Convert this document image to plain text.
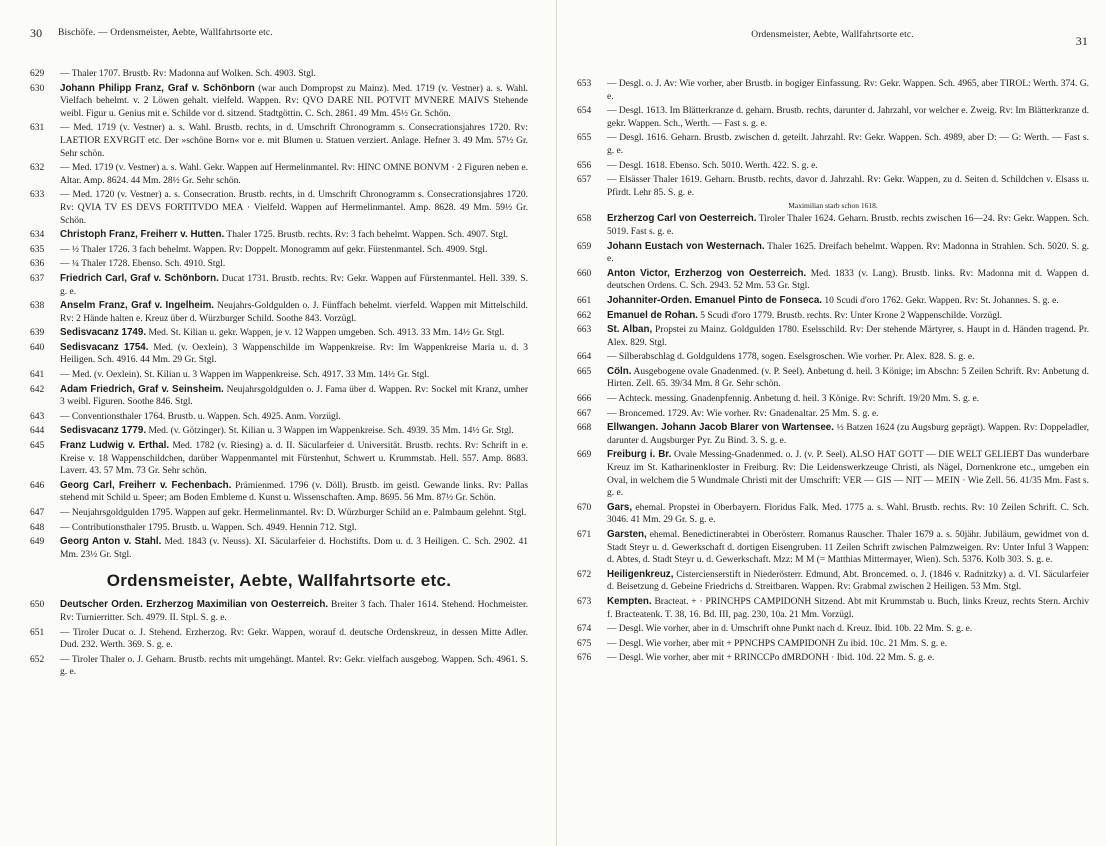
30 Bischöfe. — Ordensmeister, Aebte, Wallfahrtsorte etc.
629 — Thaler 1707. Brustb. Rv: Madonna auf Wolken. Sch. 4903. Stgl.
630 Johann Philipp Franz, Graf v. Schönborn (war auch Dompropst zu Mainz). Med. 1719 (v. Vestner) a. s. Wahl. Vielfach behelmt. v. 2 Löwen gehalt. vielfeld. Wappen. Rv: QVO DARE NIL POTVIT MVNERE MAIVS Stehende weibl. Figur u. Genius mit e. Schilde vor d. sitzend. Stadtgöttin. C. Sch. 2861. 49 Mm. 45½ Gr. Schön.
631 — Med. 1719 (v. Vestner) a. s. Wahl. Brustb. rechts, in d. Umschrift Chronogramm s. Consecrationsjahres 1720. Rv: LAETIOR EXVRGIT etc. Der »schöne Born« vor e. mit Blumen u. Statuen verziert. Anlage. Hefner 3. 49 Mm. 57½ Gr. Sehr schön.
632 — Med. 1719 (v. Vestner) a. s. Wahl. Gekr. Wappen auf Hermelinmantel. Rv: HINC OMNE BONVM · 2 Figuren neben e. Altar. Amp. 8624. 44 Mm. 28½ Gr. Sehr schön.
633 — Med. 1720 (v. Vestner) a. s. Consecration. Brustb. rechts, in d. Umschrift Chronogramm s. Consecrationsjahres 1720. Rv: QVIA TV ES DEVS FORTITVDO MEA · Vielfeld. Wappen auf Hermelinmantel. Amp. 8628. 49 Mm. 59½ Gr. Schön.
634 Christoph Franz, Freiherr v. Hutten. Thaler 1725. Brustb. rechts. Rv: 3 fach behelmt. Wappen. Sch. 4907. Stgl.
635 — ½ Thaler 1726. 3 fach behelmt. Wappen. Rv: Doppelt. Monogramm auf gekr. Fürstenmantel. Sch. 4909. Stgl.
636 — ¼ Thaler 1728. Ebenso. Sch. 4910. Stgl.
637 Friedrich Carl, Graf v. Schönborn. Ducat 1731. Brustb. rechts. Rv: Gekr. Wappen auf Fürstenmantel. Hell. 339. S. g. e.
638 Anselm Franz, Graf v. Ingelheim. Neujahrs-Goldgulden o. J. Fünffach behelmt. vierfeld. Wappen mit Mittelschild. Rv: 2 Hände halten e. Kreuz über d. Würzburger Schild. Soothe 843. Vorzügl.
639 Sedisvacanz 1749. Med. St. Kilian u. gekr. Wappen, je v. 12 Wappen umgeben. Sch. 4913. 33 Mm. 14½ Gr. Stgl.
640 Sedisvacanz 1754. Med. (v. Oexlein). 3 Wappenschilde im Wappenkreise. Rv: Im Wappenkreise Maria u. d. 3 Heiligen. Sch. 4916. 44 Mm. 29 Gr. Stgl.
641 — Med. (v. Oexlein). St. Kilian u. 3 Wappen im Wappenkreise. Sch. 4917. 33 Mm. 14½ Gr. Stgl.
642 Adam Friedrich, Graf v. Seinsheim. Neujahrsgoldgulden o. J. Fama über d. Wappen. Rv: Sockel mit Kranz, umher 3 weibl. Figuren. Soothe 846. Stgl.
643 — Conventionsthaler 1764. Brustb. u. Wappen. Sch. 4925. Anm. Vorzügl.
644 Sedisvacanz 1779. Med. (v. Götzinger). St. Kilian u. 3 Wappen im Wappenkreise. Sch. 4939. 35 Mm. 14½ Gr. Stgl.
645 Franz Ludwig v. Erthal. Med. 1782 (v. Riesing) a. d. II. Säcularfeier d. Universität. Brustb. rechts. Rv: Schrift in e. Kreise v. 18 Wappenschildchen, darüber Wappenmantel mit Fürstenhut, Schwert u. Krummstab. Hell. 557. Amp. 8683. Laverr. 43. 57 Mm. 73 Gr. Sehr schön.
646 Georg Carl, Freiherr v. Fechenbach. Prämienmed. 1796 (v. Döll). Brustb. im geistl. Gewande links. Rv: Pallas stehend mit Schild u. Speer; am Boden Embleme d. Kunst u. Wissenschaften. Amp. 8695. 56 Mm. 87½ Gr. Schön.
647 — Neujahrsgoldgulden 1795. Wappen auf gekr. Hermelinmantel. Rv: D. Würzburger Schild an e. Palmbaum gelehnt. Stgl.
648 — Contributionsthaler 1795. Brustb. u. Wappen. Sch. 4949. Hennin 712. Stgl.
649 Georg Anton v. Stahl. Med. 1843 (v. Neuss). XI. Säcularfeier d. Hochstifts. Dom u. d. 3 Heiligen. C. Sch. 2902. 41 Mm. 23½ Gr. Stgl.
Ordensmeister, Aebte, Wallfahrtsorte etc.
650 Deutscher Orden. Erzherzog Maximilian von Oesterreich. Breiter 3 fach. Thaler 1614. Stehend. Hochmeister. Rv: Turnierritter. Sch. 4979. II. Stpl. S. g. e.
651 — Tiroler Ducat o. J. Stehend. Erzherzog. Rv: Gekr. Wappen, worauf d. deutsche Ordenskreuz, in dessen Mitte Adler. Dud. 232. Werth. 369. S. g. e.
652 — Tiroler Thaler o. J. Geharn. Brustb. rechts mit umgehängt. Mantel. Rv: Gekr. vielfach ausgebog. Wappen. Sch. 4961. S. g. e.
Ordensmeister, Aebte, Wallfahrtsorte etc.	31
653 — Desgl. o. J. Av: Wie vorher, aber Brustb. in bogiger Einfassung. Rv: Gekr. Wappen. Sch. 4965, aber TIROL: Werth. 374. G. e.
654 — Desgl. 1613. Im Blätterkranze d. geharn. Brustb. rechts, darunter d. Jahrzahl, vor welcher e. Zweig. Rv: Im Blätterkranze d. gekr. Wappen. Sch., Werth. — Fast s. g. e.
655 — Desgl. 1616. Geharn. Brustb. zwischen d. geteilt. Jahrzahl. Rv: Gekr. Wappen. Sch. 4989, aber D: — G: Werth. — Fast s. g. e.
656 — Desgl. 1618. Ebenso. Sch. 5010. Werth. 422. S. g. e.
657 — Elsässer Thaler 1619. Geharn. Brustb. rechts, davor d. Jahrzahl. Rv: Gekr. Wappen, zu d. Seiten d. Schildchen v. Elsass u. Pfirdt. Lehr 85. S. g. e.
Maximilian starb schon 1618.
658 Erzherzog Carl von Oesterreich. Tiroler Thaler 1624. Geharn. Brustb. rechts zwischen 16—24. Rv: Gekr. Wappen. Sch. 5019. Fast s. g. e.
659 Johann Eustach von Westernach. Thaler 1625. Dreifach behelmt. Wappen. Rv: Madonna in Strahlen. Sch. 5020. S. g. e.
660 Anton Victor, Erzherzog von Oesterreich. Med. 1833 (v. Lang). Brustb. links. Rv: Madonna mit d. Wappen d. deutschen Ordens. C. Sch. 2943. 52 Mm. 53 Gr. Stgl.
661 Johanniter-Orden. Emanuel Pinto de Fonseca. 10 Scudi d'oro 1762. Gekr. Wappen. Rv: St. Johannes. S. g. e.
662 Emanuel de Rohan. 5 Scudi d'oro 1779. Brustb. rechts. Rv: Unter Krone 2 Wappenschilde. Vorzügl.
663 St. Alban, Propstei zu Mainz. Goldgulden 1780. Eselsschild. Rv: Der stehende Märtyrer, s. Haupt in d. Händen tragend. Pr. Alex. 829. Stgl.
664 — Silberabschlag d. Goldguldens 1778, sogen. Eselsgroschen. Wie vorher. Pr. Alex. 828. S. g. e.
665 Cöln. Ausgebogene ovale Gnadenmed. (v. P. Seel). Anbetung d. heil. 3 Könige; im Abschn: 5 Zeilen Schrift. Rv: Anbetung d. Hirten. Zell. 65. 39/34 Mm. 8 Gr. Sehr schön.
666 — Achteck. messing. Gnadenpfennig. Anbetung d. heil. 3 Könige. Rv: Schrift. 19/20 Mm. S. g. e.
667 — Broncemed. 1729. Av: Wie vorher. Rv: Gnadenaltar. 25 Mm. S. g. e.
668 Ellwangen. Johann Jacob Blarer von Wartensee. ½ Batzen 1624 (zu Augsburg geprägt). Wappen. Rv: Doppeladler, darunter d. Augsburger Pyr. Zu Bind. 3. S. g. e.
669 Freiburg i. Br. Ovale Messing-Gnadenmed. o. J. (v. P. Seel). ALSO HAT GOTT — DIE WELT GELIEBT Das wunderbare Kreuz im St. Katharinenkloster in Freiburg. Rv: Die Leidenswerkzeuge Christi, als Nägel, Dornenkrone etc., umgeben ein Oval, in welchem die 5 Wundmale Christi mit der Umschrift: VER — GIS — NIT — MEIN · Wie Zell. 56. 41/35 Mm. Fast s. g. e.
670 Gars, ehemal. Propstei in Oberbayern. Floridus Falk. Med. 1775 a. s. Wahl. Brustb. rechts. Rv: 10 Zeilen Schrift. C. Sch. 3046. 41 Mm. 29 Gr. S. g. e.
671 Garsten, ehemal. Benedictinerabtei in Oberösterr. Romanus Rauscher. Thaler 1679 a. s. 50jähr. Jubiläum, gewidmet von d. Stadt Steyr u. d. Gewerkschaft d. dortigen Eisengruben. 11 Zeilen Schrift zwischen Palmzweigen. Rv: Unter Inful 3 Wappen: d. Abtes, d. Stadt Steyr u. d. Gewerkschaft. Mzz: M M (= Matthias Mittermayer, Wien). Sch. 5376. Kolb 303. S. g. e.
672 Heiligenkreuz, Cistercienserstift in Niederösterr. Edmund, Abt. Broncemed. o. J. (1846 v. Radnitzky) a. d. VI. Säcularfeier d. Beisetzung d. Gebeine Friedrichs d. Streitbaren. Wappen. Rv: Grabmal zwischen 2 Heiligen. 53 Mm. Stgl.
673 Kempten. Bracteat. + · PRINCHPS CAMPIDONH Sitzend. Abt mit Krummstab u. Buch, links Kreuz, rechts Stern. Archiv f. Bracteatenk. T. 38, 16. Bd. III, pag. 230, 10a. 21 Mm. Vorzügl.
674 — Desgl. Wie vorher, aber in d. Umschrift ohne Punkt nach d. Kreuz. Ibid. 10b. 22 Mm. S. g. e.
675 — Desgl. Wie vorher, aber mit + PPNCHPS CAMPIDONH Zu ibid. 10c. 21 Mm. S. g. e.
676 — Desgl. Wie vorher, aber mit + RRINCCPo dMRDONH · Ibid. 10d. 22 Mm. S. g. e.
